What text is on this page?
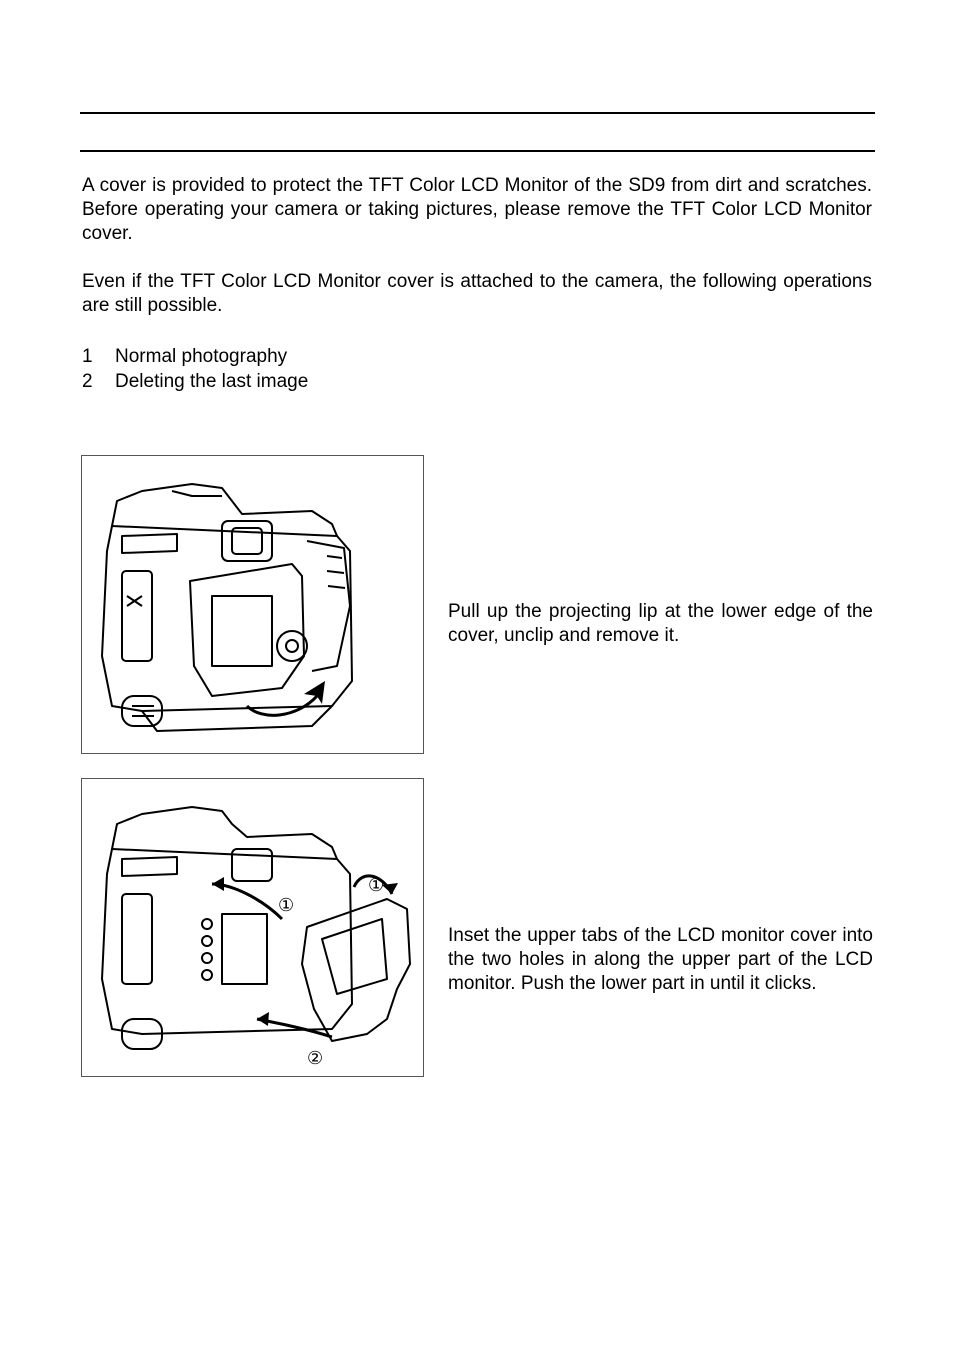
A cover is provided to protect the TFT Color LCD Monitor of the SD9 from dirt and scratches. Before operating your camera or taking pictures, please remove the TFT Color LCD Monitor cover.

Even if the TFT Color LCD Monitor cover is attached to the camera, the following operations are still possible.

1	Normal photography
2	Deleting the last image

Pull up the projecting lip at the lower edge of the cover, unclip and remove it.

①
①
②

Inset the upper tabs of the LCD monitor cover into the two holes in along the upper part of the LCD monitor. Push the lower part in until it clicks.
